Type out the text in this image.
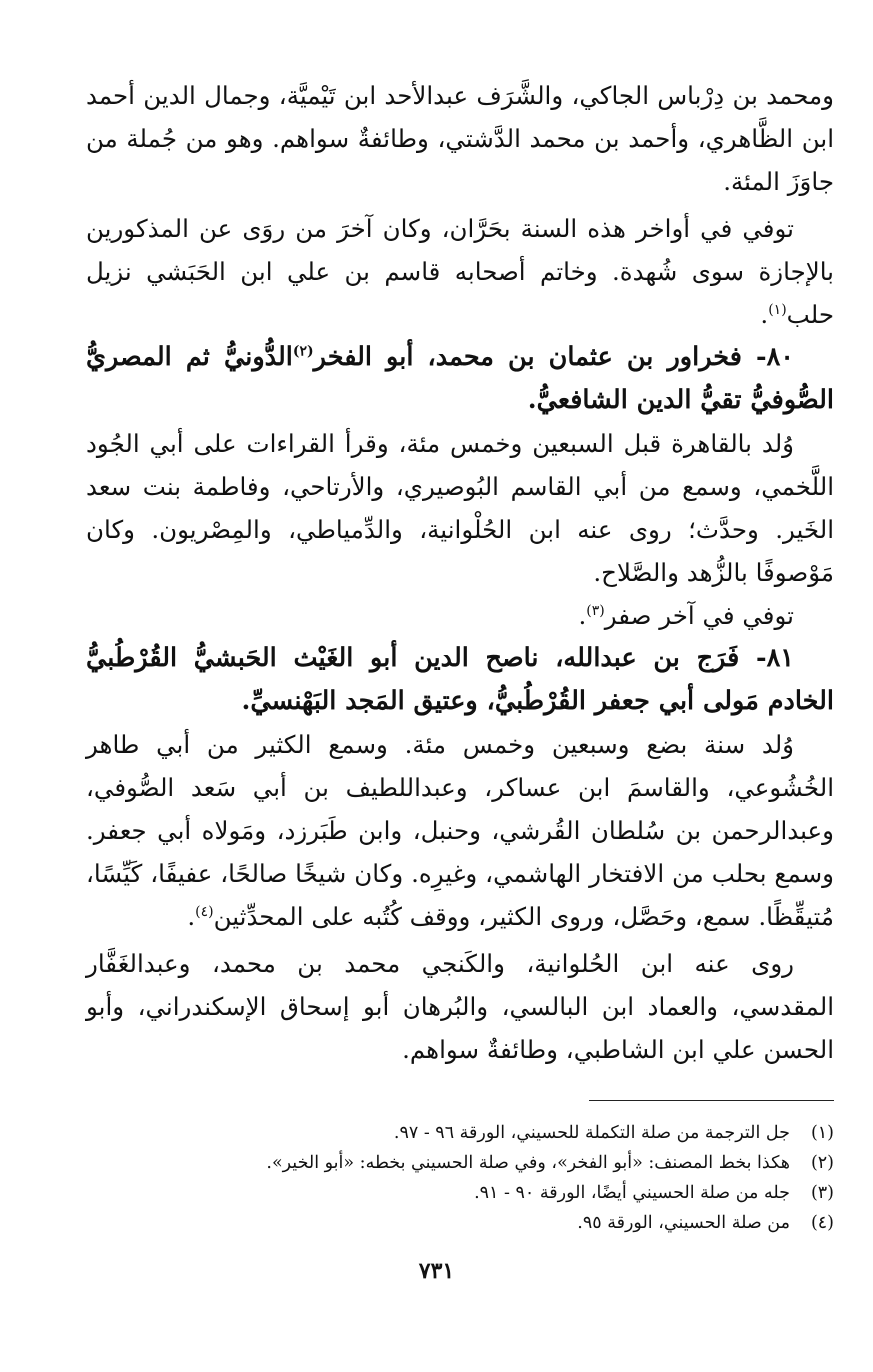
ومحمد بن دِرْباس الجاكي، والشَّرَف عبدالأحد ابن تَيْميَّة، وجمال الدين أحمد ابن الظَّاهري، وأحمد بن محمد الدَّشتي، وطائفةٌ سواهم. وهو من جُملة من جاوَزَ المئة.

توفي في أواخر هذه السنة بحَرَّان، وكان آخرَ من روَى عن المذكورين بالإجازة سوى شُهدة. وخاتم أصحابه قاسم بن علي ابن الحَبَشي نزيل حلب$^{(١)}$.

٨٠- فخراور بن عثمان بن محمد، أبو الفخر$^{(٢)}$الدُّونيُّ ثم المصريُّ الصُّوفيُّ تقيُّ الدين الشافعيُّ.

وُلد بالقاهرة قبل السبعين وخمس مئة، وقرأ القراءات على أبي الجُود اللَّخمي، وسمع من أبي القاسم البُوصيري، والأرتاحي، وفاطمة بنت سعد الخَير. وحدَّث؛ روى عنه ابن الحُلْوانية، والدِّمياطي، والمِصْريون. وكان مَوْصوفًا بالزُّهد والصَّلاح.

توفي في آخر صفر$^{(٣)}$.

٨١- فَرَج بن عبدالله، ناصح الدين أبو الغَيْث الحَبشيُّ القُرْطُبيُّ الخادم مَولى أبي جعفر القُرْطُبيُّ، وعتيق المَجد البَهْنسيِّ.

وُلد سنة بضع وسبعين وخمس مئة. وسمع الكثير من أبي طاهر الخُشُوعي، والقاسمَ ابن عساكر، وعبداللطيف بن أبي سَعد الصُّوفي، وعبدالرحمن بن سُلطان القُرشي، وحنبل، وابن طَبَرزد، ومَولاه أبي جعفر. وسمع بحلب من الافتخار الهاشمي، وغيرِه. وكان شيخًا صالحًا، عفيفًا، كَيِّسًا، مُتيقِّظًا. سمع، وحَصَّل، وروى الكثير، ووقف كُتُبه على المحدِّثين$^{(٤)}$.

روى عنه ابن الحُلوانية، والكَنجي محمد بن محمد، وعبدالغَفَّار المقدسي، والعماد ابن البالسي، والبُرهان أبو إسحاق الإسكندراني، وأبو الحسن علي ابن الشاطبي، وطائفةٌ سواهم.

(١)
جل الترجمة من صلة التكملة للحسيني، الورقة ٩٦ - ٩٧.
(٢)
هكذا بخط المصنف: «أبو الفخر»، وفي صلة الحسيني بخطه: «أبو الخير».
(٣)
جله من صلة الحسيني أيضًا، الورقة ٩٠ - ٩١.
(٤)
من صلة الحسيني، الورقة ٩٥.
٧٣١
